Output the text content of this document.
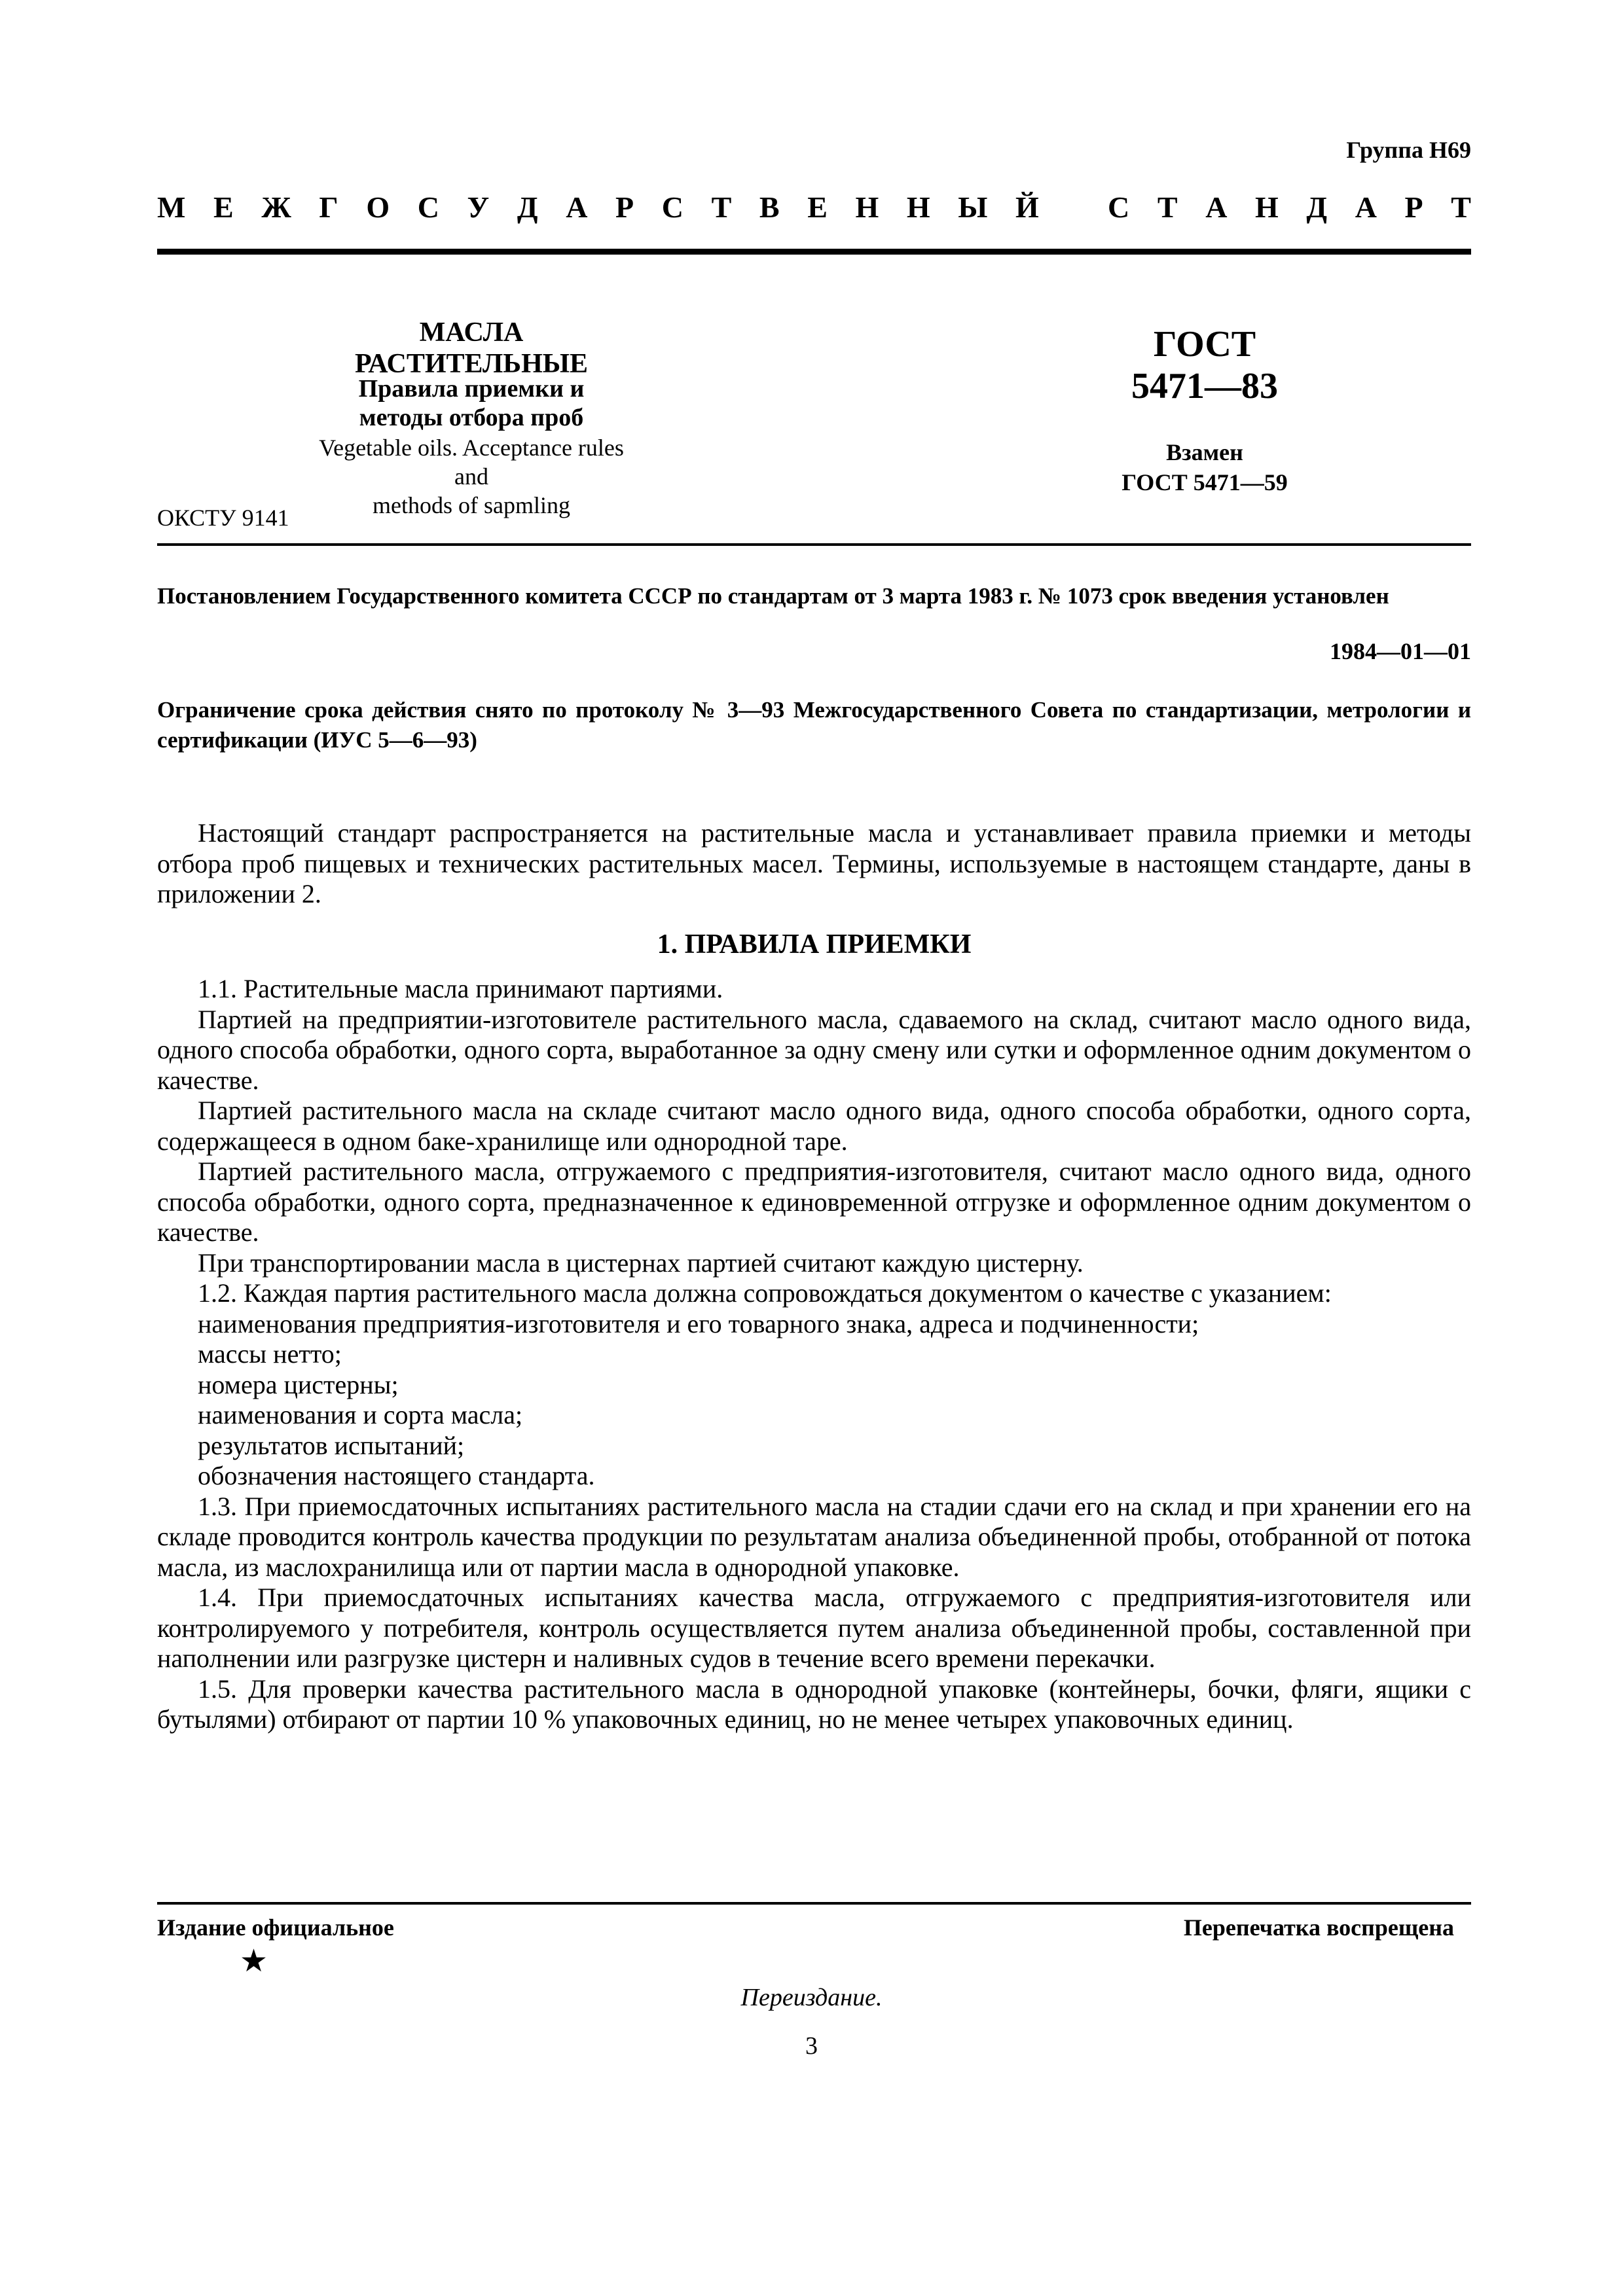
Группа Н69
М Е Ж Г О С У Д А Р С Т В Е Н Н Ы Й С Т А Н Д А Р Т
МАСЛА РАСТИТЕЛЬНЫЕ
Правила приемки и методы отбора проб
Vegetable oils. Acceptance rules and
methods of sapmling
ГОСТ
5471—83
Взамен
ГОСТ 5471—59
ОКСТУ 9141
Постановлением Государственного комитета СССР по стандартам от 3 марта 1983 г. № 1073 срок введения установлен
1984—01—01
Ограничение срока действия снято по протоколу № 3—93 Межгосударственного Совета по стандартизации, метрологии и сертификации (ИУС 5—6—93)

Настоящий стандарт распространяется на растительные масла и устанавливает правила приемки и методы отбора проб пищевых и технических растительных масел. Термины, используемые в настоящем стандарте, даны в приложении 2.

1. ПРАВИЛА ПРИЕМКИ

1.1. Растительные масла принимают партиями.

Партией на предприятии-изготовителе растительного масла, сдаваемого на склад, считают масло одного вида, одного способа обработки, одного сорта, выработанное за одну смену или сутки и оформленное одним документом о качестве.

Партией растительного масла на складе считают масло одного вида, одного способа обработки, одного сорта, содержащееся в одном баке-хранилище или однородной таре.

Партией растительного масла, отгружаемого с предприятия-изготовителя, считают масло одного вида, одного способа обработки, одного сорта, предназначенное к единовременной отгрузке и оформленное одним документом о качестве.

При транспортировании масла в цистернах партией считают каждую цистерну.

1.2. Каждая партия растительного масла должна сопровождаться документом о качестве с указанием:

наименования предприятия-изготовителя и его товарного знака, адреса и подчиненности;

массы нетто;

номера цистерны;

наименования и сорта масла;

результатов испытаний;

обозначения настоящего стандарта.

1.3. При приемосдаточных испытаниях растительного масла на стадии сдачи его на склад и при хранении его на складе проводится контроль качества продукции по результатам анализа объединенной пробы, отобранной от потока масла, из маслохранилища или от партии масла в однородной упаковке.

1.4. При приемосдаточных испытаниях качества масла, отгружаемого с предприятия-изготовителя или контролируемого у потребителя, контроль осуществляется путем анализа объединенной пробы, составленной при наполнении или разгрузке цистерн и наливных судов в течение всего времени перекачки.

1.5. Для проверки качества растительного масла в однородной упаковке (контейнеры, бочки, фляги, ящики с бутылями) отбирают от партии 10 % упаковочных единиц, но не менее четырех упаковочных единиц.

Издание официальное	Перепечатка воспрещена
★
Переиздание.
3
